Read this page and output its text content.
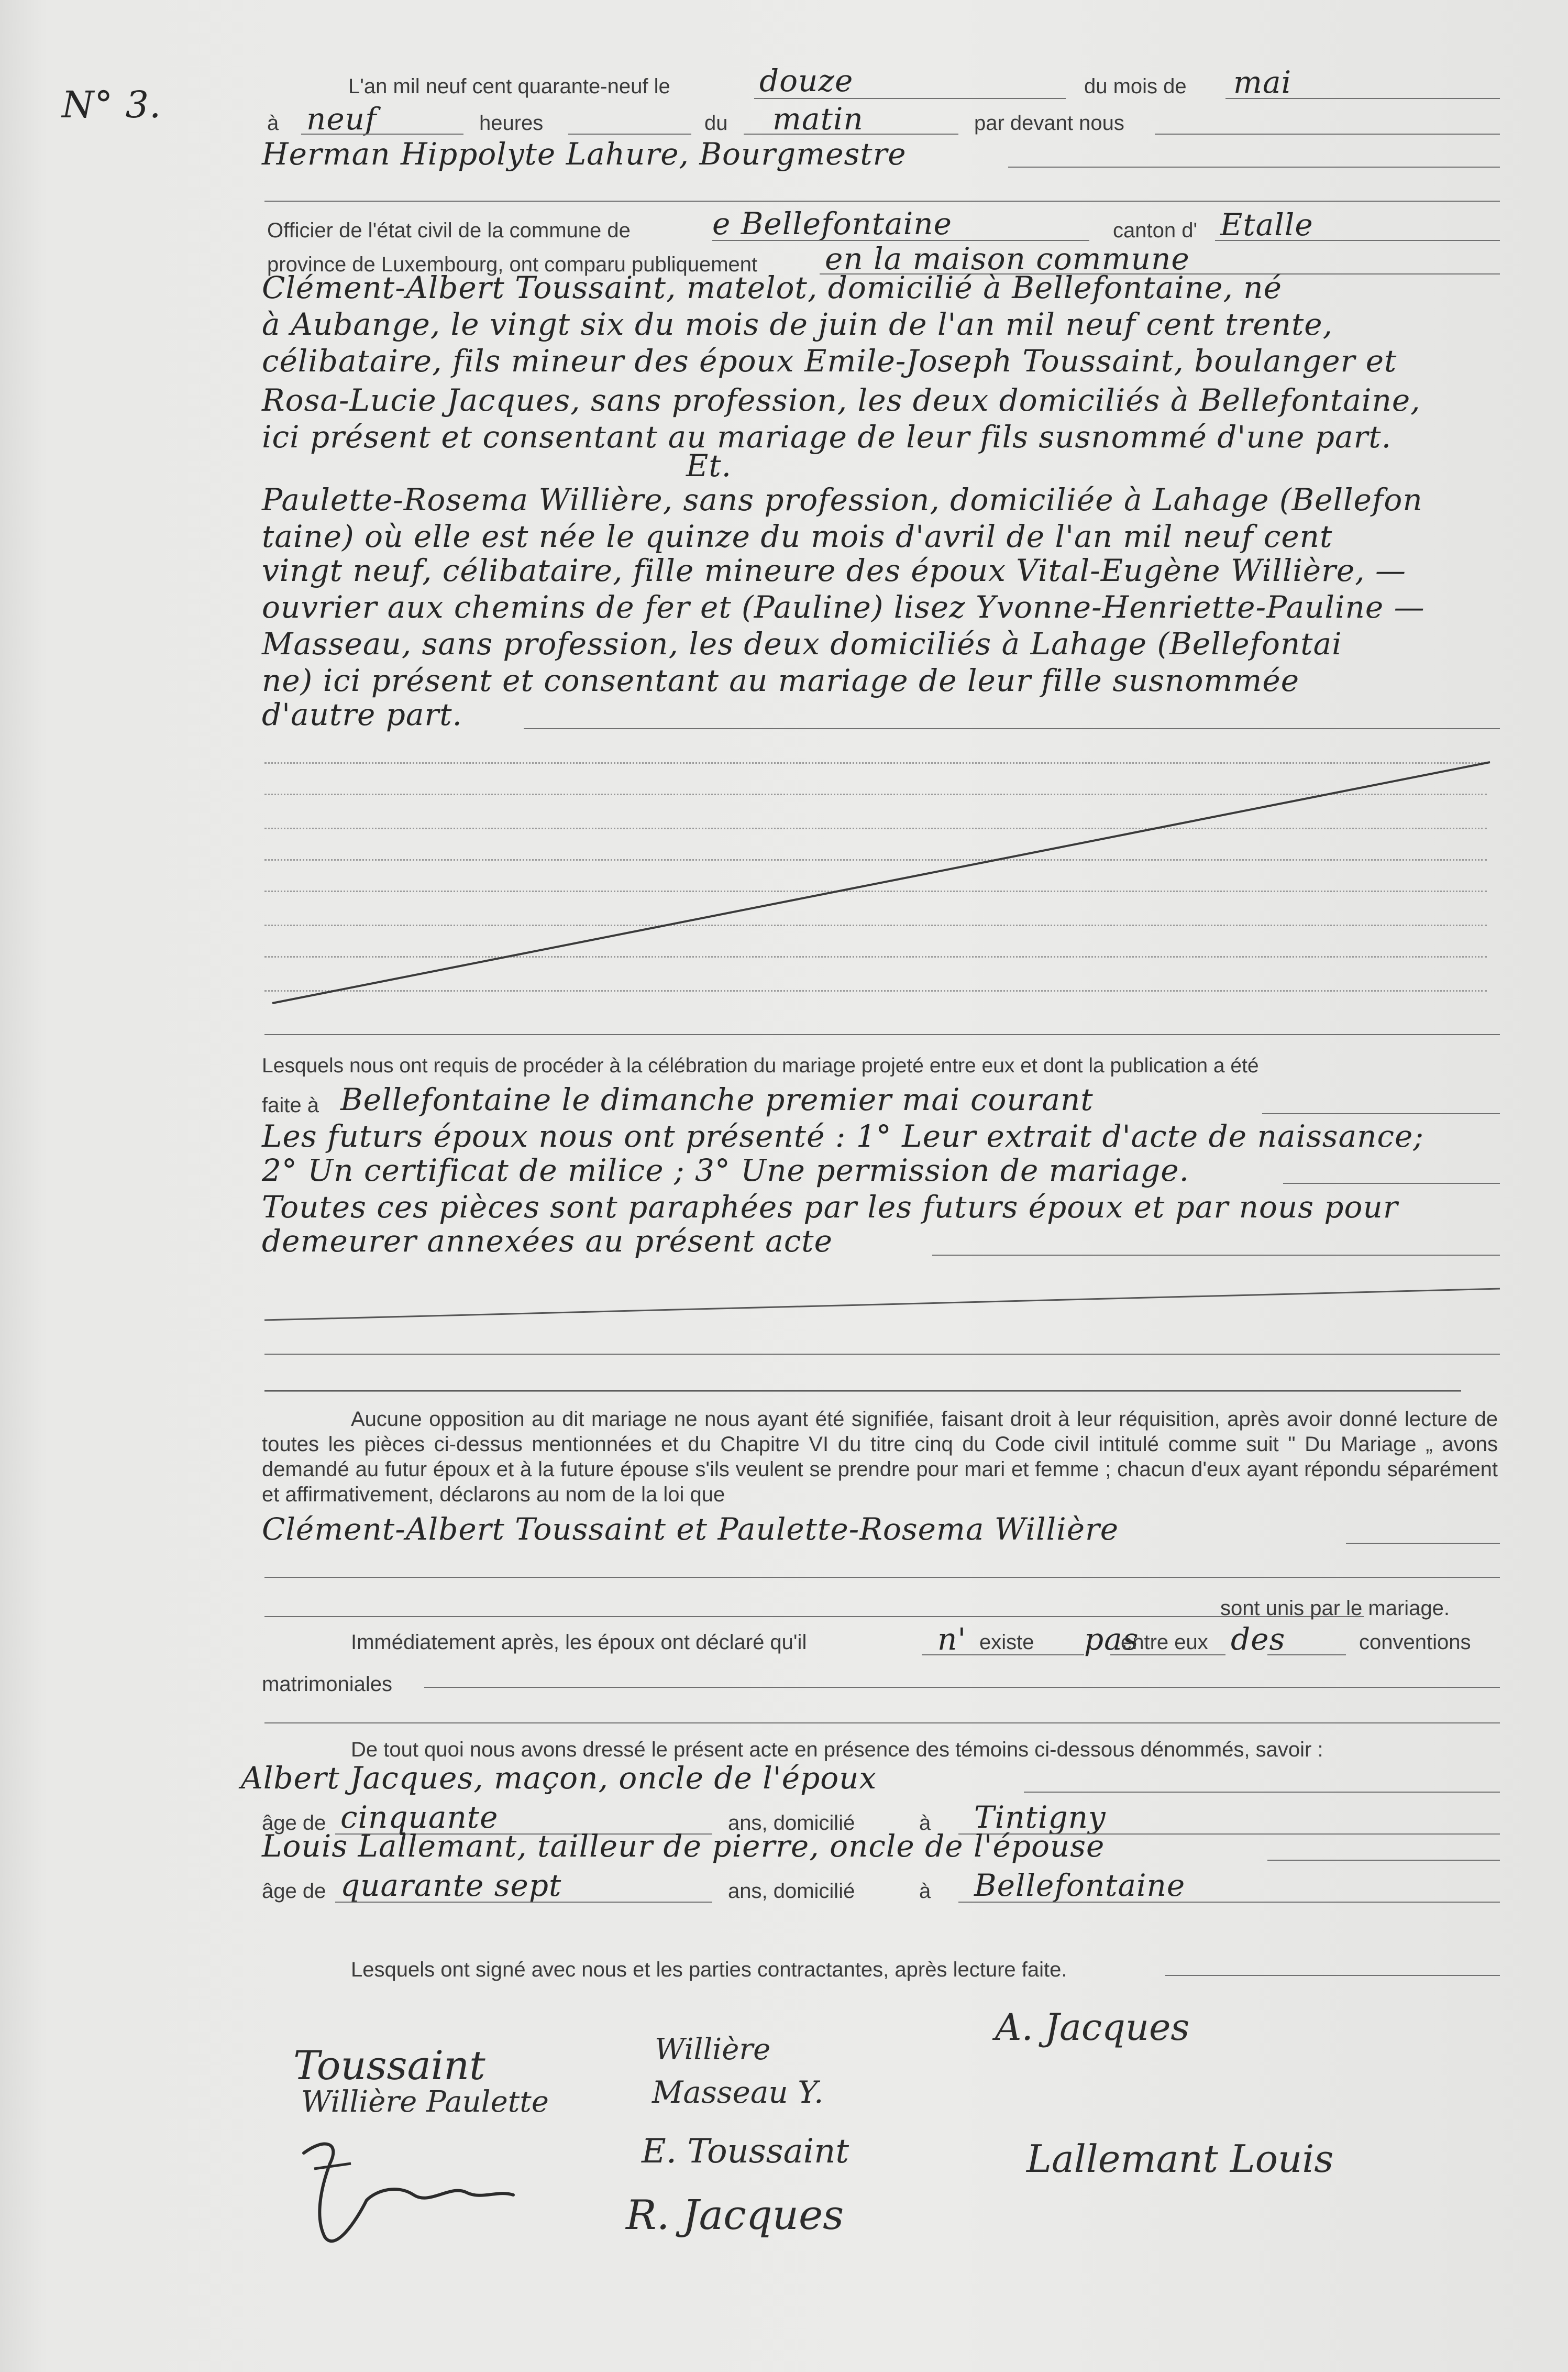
N° 3.	L'an mil neuf cent quarante-neuf le	douze	du mois de mai
à neuf	heures	du matin	par devant nous
Herman Hippolyte Lahure, Bourgmestre
Officier de l'état civil de la commune de	e Bellefontaine	canton d' Etalle
province de Luxembourg, ont comparu publiquement en la maison commune
Clément-Albert Toussaint, matelot, domicilié à Bellefontaine, né
à Aubange, le vingt six du mois de juin de l'an mil neuf cent trente,
célibataire, fils mineur des époux Emile-Joseph Toussaint, boulanger et
Rosa-Lucie Jacques, sans profession, les deux domiciliés à Bellefontaine,
ici présent et consentant au mariage de leur fils susnommé d'une part.
Et.
Paulette-Rosema Willière, sans profession, domiciliée à Lahage (Bellefon
taine) où elle est née le quinze du mois d'avril de l'an mil neuf cent
vingt neuf, célibataire, fille mineure des époux Vital-Eugène Willière, —
ouvrier aux chemins de fer et (Pauline) lisez Yvonne-Henriette-Pauline —
Masseau, sans profession, les deux domiciliés à Lahage (Bellefontai
ne) ici présent et consentant au mariage de leur fille susnommée
d'autre part.
Lesquels nous ont requis de procéder à la célébration du mariage projeté entre eux et dont la publication a été
faite à Bellefontaine le dimanche premier mai courant
Les futurs époux nous ont présenté : 1° Leur extrait d'acte de naissance;
2° Un certificat de milice ; 3° Une permission de mariage.
Toutes ces pièces sont paraphées par les futurs époux et par nous pour
demeurer annexées au présent acte
Aucune opposition au dit mariage ne nous ayant été signifiée, faisant droit à leur réquisition, après avoir donné lecture de toutes les pièces ci-dessus mentionnées et du Chapitre VI du titre cinq du Code civil intitulé comme suit " Du Mariage „ avons demandé au futur époux et à la future épouse s'ils veulent se prendre pour mari et femme ; chacun d'eux ayant répondu séparément et affirmativement, déclarons au nom de la loi que
Clément-Albert Toussaint et Paulette-Rosema Willière
sont unis par le mariage.
Immédiatement après, les époux ont déclaré qu'il	n' existe pas
entre eux des	conventions
matrimoniales
De tout quoi nous avons dressé le présent acte en présence des témoins ci-dessous dénommés, savoir :
Albert Jacques, maçon, oncle de l'époux
âge de cinquante	ans, domicilié	à Tintigny
Louis Lallemant, tailleur de pierre, oncle de l'épouse
âge de quarante sept	ans, domicilié	à Bellefontaine
Lesquels ont signé avec nous et les parties contractantes, après lecture faite.
Toussaint
Willière Paulette
Willière
Masseau Y.
A. Jacques
E. Toussaint	Lallemant Louis
R. Jacques
